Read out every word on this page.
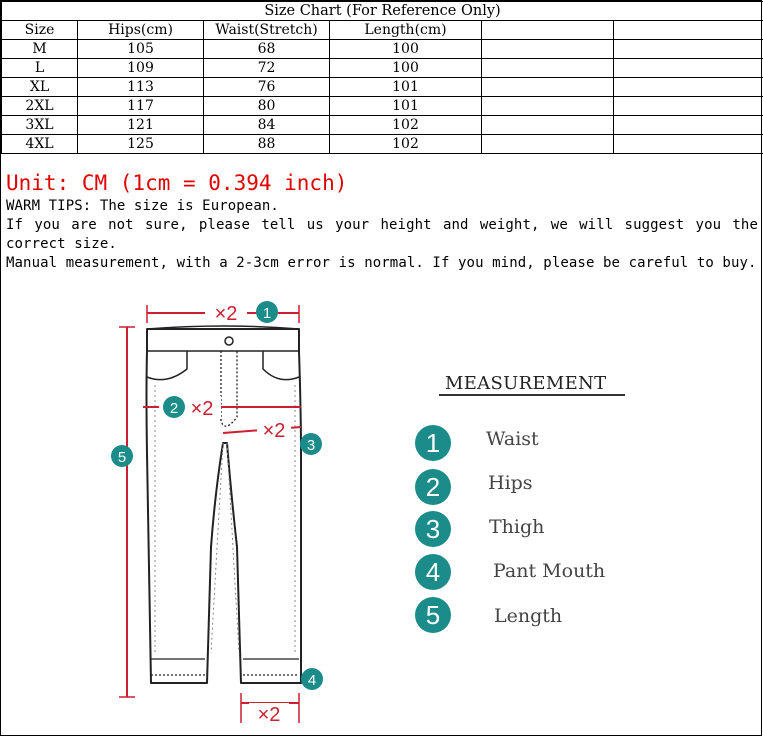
Size Chart (For Reference Only)					
Size	Hips(cm)	Waist(Stretch)	Length(cm)		
M	105	68	100		
L	109	72	100		
XL	113	76	101		
2XL	117	80	101		
3XL	121	84	102		
4XL	125	88	102		

Unit: CM (1cm = 0.394 inch)

WARM TIPS: The size is European.

If you are not sure, please tell us your height and weight, we will suggest you the correct size.

Manual measurement, with a 2-3cm error is normal. If you mind, please be careful to buy.

×2 1
2 ×2
×2
3
5
×2
4
MEASUREMENT
1	Waist
2	Hips
3	Thigh
4	Pant Mouth
5	Length
